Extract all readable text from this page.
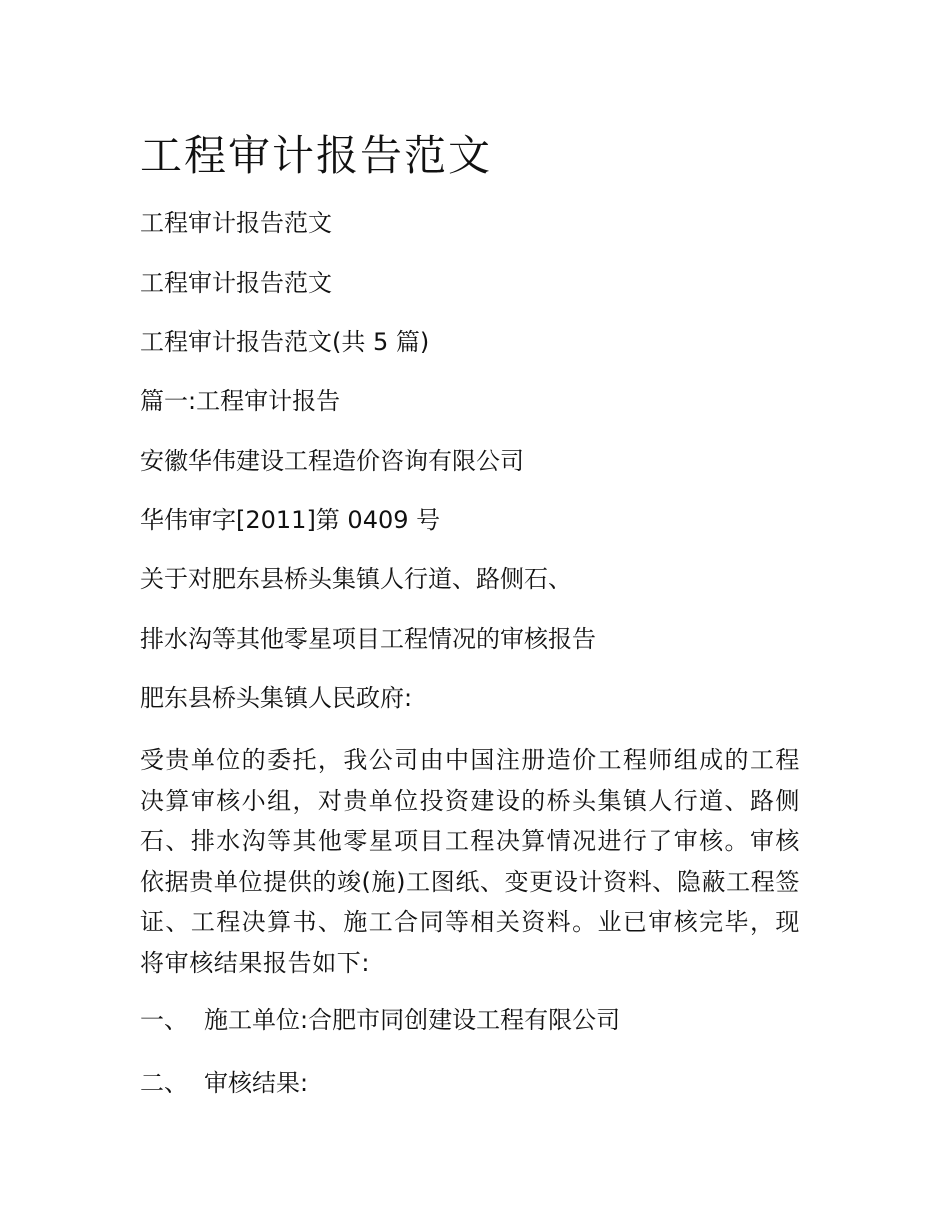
工程审计报告范文

工程审计报告范文

工程审计报告范文

工程审计报告范文(共 5 篇)

篇一:工程审计报告

安徽华伟建设工程造价咨询有限公司

华伟审字[2011]第 0409 号

关于对肥东县桥头集镇人行道、路侧石、

排水沟等其他零星项目工程情况的审核报告

肥东县桥头集镇人民政府:

受贵单位的委托，我公司由中国注册造价工程师组成的工程决算审核小组，对贵单位投资建设的桥头集镇人行道、路侧石、排水沟等其他零星项目工程决算情况进行了审核。审核依据贵单位提供的竣(施)工图纸、变更设计资料、隐蔽工程签证、工程决算书、施工合同等相关资料。业已审核完毕，现将审核结果报告如下:

一、 施工单位:合肥市同创建设工程有限公司
二、 审核结果:
